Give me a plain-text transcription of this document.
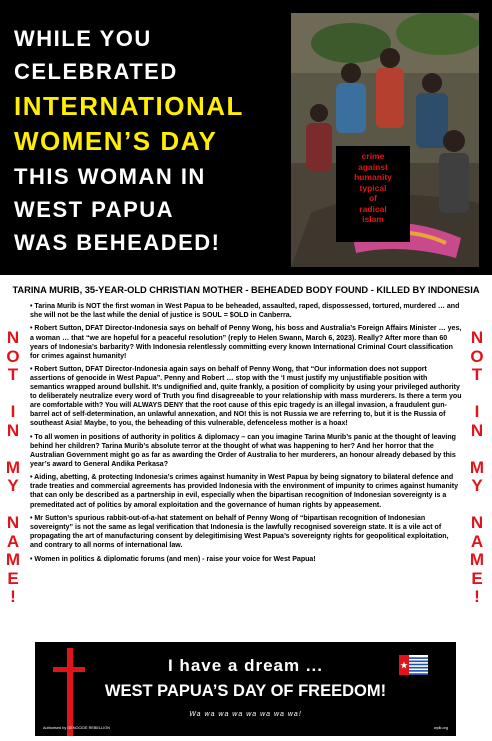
WHILE YOU
CELEBRATED
INTERNATIONAL
WOMEN’S DAY
THIS WOMAN IN
WEST PAPUA
WAS BEHEADED!
crime
against
humanity
typical
of
radical
islam
TARINA MURIB, 35-YEAR-OLD CHRISTIAN MOTHER - BEHEADED BODY FOUND - KILLED BY INDONESIA
N
O
T
I
N
M
Y
N
A
M
E
!

• Tarina Murib is NOT the first woman in West Papua to be beheaded, assaulted, raped, dispossessed, tortured, murdered … and she will not be the last while the denial of justice is SOUL = $OLD in Canberra.

• Robert Sutton, DFAT Director-Indonesia says on behalf of Penny Wong, his boss and Australia’s Foreign Affairs Minister … yes, a woman … that “we are hopeful for a peaceful resolution” (reply to Helen Swann, March 6, 2023). Really? After more than 60 years of Indonesia’s barbarity? With Indonesia relentlessly committing every known International Criminal Court classification for crimes against humanity!

• Robert Sutton, DFAT Director-Indonesia again says on behalf of Penny Wong, that “Our information does not support assertions of genocide in West Papua”. Penny and Robert … stop with the ‘I must justify my unjustifiable position with semantics wrapped around bullshit. It’s undignified and, quite frankly, a position of complicity by using your privileged authority to deliberately neutralize every word of Truth you find disagreeable to your relationship with mass murderers. Is there a term you are comfortable with? You will ALWAYS DENY that the root cause of this epic tragedy is an illegal invasion, a fraudulent gun-barrel act of self-determination, an unlawful annexation, and NO! this is not Russia we are referring to, but it is the Russia of southeast Asia! Maybe, to you, the beheading of this vulnerable, defenceless mother is a hoax!

• To all women in positions of authority in politics & diplomacy – can you imagine Tarina Murib’s panic at the thought of leaving behind her children? Tarina Murib’s absolute terror at the thought of what was happening to her? And her horror that the Australian Government might go as far as awarding the Order of Australia to her murderers, an honour already debased by this year’s award to General Andika Perkasa?

• Aiding, abetting, & protecting Indonesia’s crimes against humanity in West Papua by being signatory to bilateral defence and trade treaties and commercial agreements has provided Indonesia with the environment of impunity to crimes against humanity that can only be described as a partnership in evil, especially when the bipartisan recognition of Indonesian sovereignty is a premeditated act of politics by amoral exploitation and the governance of human rights by appeasement.

• Mr Sutton’s spurious rabbit-out-of-a-hat statement on behalf of Penny Wong of “bipartisan recognition of Indonesian sovereignty” is not the same as legal verification that Indonesia is the lawfully recognised sovereign state. It is a vile act of propagating the art of manufacturing consent by delegitimising West Papua’s sovereignty rights for geopolitical exploitation, and contrary to all norms of international law.

• Women in politics & diplomatic forums (and men) - raise your voice for West Papua!

N
O
T
I
N
M
Y
N
A
M
E
!
I have a dream ...
WEST PAPUA’S DAY OF FREEDOM!
Wa wa wa wa wa wa wa wa!
Authorised by GENOCIDE REBELLION	wpik.org
